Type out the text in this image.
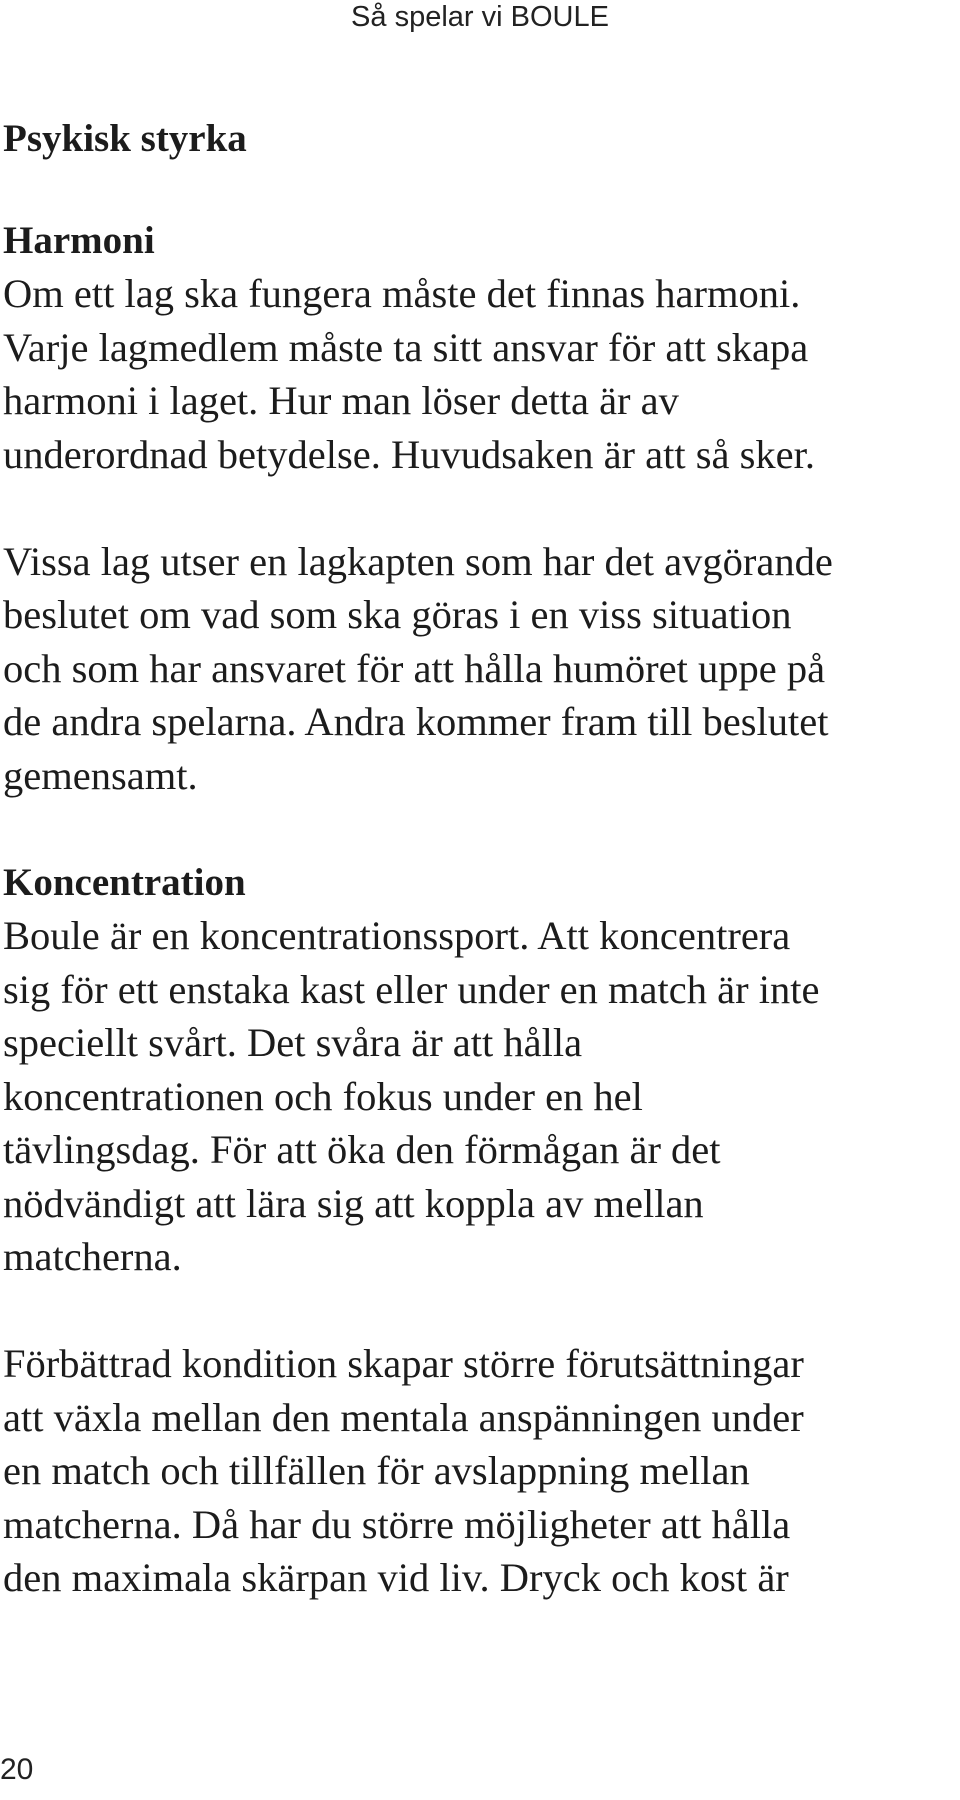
Så spelar vi BOULE
Psykisk styrka
Harmoni

Om ett lag ska fungera måste det finnas harmoni.
Varje lagmedlem måste ta sitt ansvar för att skapa
harmoni i laget. Hur man löser detta är av
underordnad betydelse. Huvudsaken är att så sker.

Vissa lag utser en lagkapten som har det avgörande
beslutet om vad som ska göras i en viss situation
och som har ansvaret för att hålla humöret uppe på
de andra spelarna. Andra kommer fram till beslutet
gemensamt.

Koncentration

Boule är en koncentrationssport. Att koncentrera
sig för ett enstaka kast eller under en match är inte
speciellt svårt. Det svåra är att hålla
koncentrationen och fokus under en hel
tävlingsdag. För att öka den förmågan är det
nödvändigt att lära sig att koppla av mellan
matcherna.

Förbättrad kondition skapar större förutsättningar
att växla mellan den mentala anspänningen under
en match och tillfällen för avslappning mellan
matcherna. Då har du större möjligheter att hålla
den maximala skärpan vid liv. Dryck och kost är

20
